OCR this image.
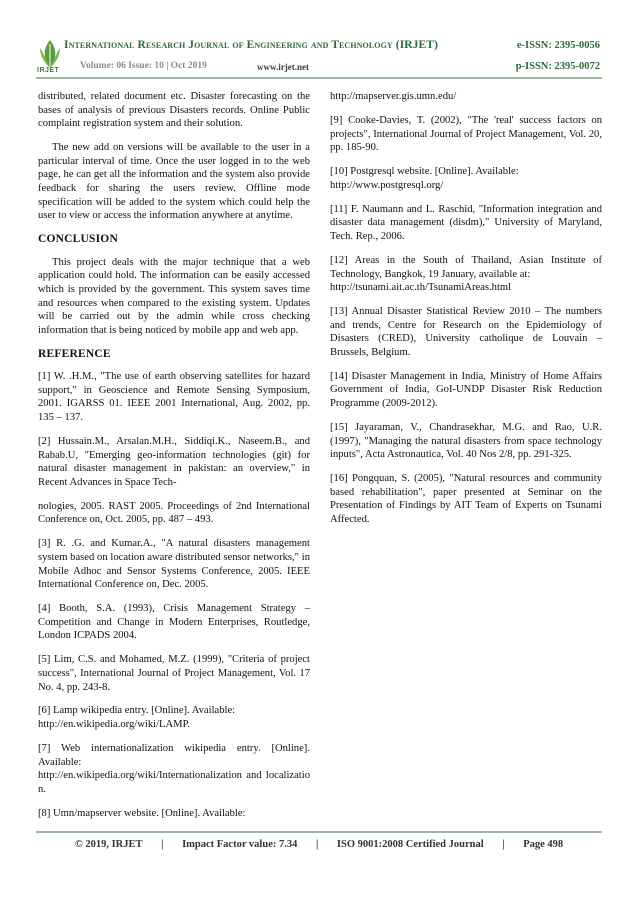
IRJET
International Research Journal of Engineering and Technology (IRJET)	e-ISSN: 2395-0056
Volume: 06 Issue: 10 | Oct 2019	www.irjet.net	p-ISSN: 2395-0072

distributed, related document etc. Disaster forecasting on the bases of analysis of previous Disasters records. Online Public complaint registration system and their solution.

The new add on versions will be available to the user in a particular interval of time. Once the user logged in to the web page, he can get all the information and the system also provide feedback for sharing the users review. Offline mode specification will be added to the system which could help the user to view or access the information anywhere at anytime.

CONCLUSION

This project deals with the major technique that a web application could hold. The information can be easily accessed which is provided by the government. This system saves time and resources when compared to the existing system. Updates will be carried out by the admin while cross checking information that is being noticed by mobile app and web app.

REFERENCE

[1] W. .H.M., "The use of earth observing satellites for hazard support," in Geoscience and Remote Sensing Symposium, 2001. IGARSS 01. IEEE 2001 International, Aug. 2002, pp. 135 – 137.

[2] Hussain.M., Arsalan.M.H., Siddiqi.K., Naseem.B., and Rabab.U, "Emerging geo-information technologies (git) for natural disaster management in pakistan: an overview," in Recent Advances in Space Tech-

nologies, 2005. RAST 2005. Proceedings of 2nd International Conference on, Oct. 2005, pp. 487 – 493.

[3] R. .G. and Kumar.A., "A natural disasters management system based on location aware distributed sensor networks," in Mobile Adhoc and Sensor Systems Conference, 2005. IEEE International Conference on, Dec. 2005.

[4] Booth, S.A. (1993), Crisis Management Strategy – Competition and Change in Modern Enterprises, Routledge, London ICPADS 2004.

[5] Lim, C.S. and Mohamed, M.Z. (1999), "Criteria of project success", International Journal of Project Management, Vol. 17 No. 4, pp. 243-8.

[6] Lamp wikipedia entry. [Online]. Available:
http://en.wikipedia.org/wiki/LAMP.

[7] Web internationalization wikipedia entry. [Online]. Available:
http://en.wikipedia.org/wiki/Internationalization and localization.

[8] Umn/mapserver website. [Online]. Available:

http://mapserver.gis.umn.edu/

[9] Cooke-Davies, T. (2002), "The 'real' success factors on projects", International Journal of Project Management, Vol. 20, pp. 185-90.

[10] Postgresql website. [Online]. Available:
http://www.postgresql.org/

[11] F. Naumann and L. Raschid, "Information integration and disaster data management (disdm)," University of Maryland, Tech. Rep., 2006.

[12] Areas in the South of Thailand, Asian Institute of Technology, Bangkok, 19 January, available at:
http://tsunami.ait.ac.th/TsunamiAreas.html

[13] Annual Disaster Statistical Review 2010 – The numbers and trends, Centre for Research on the Epidemiology of Disasters (CRED), University catholique de Louvain – Brussels, Belgium.

[14] Disaster Management in India, Ministry of Home Affairs Government of India, GoI-UNDP Disaster Risk Reduction Programme (2009-2012).

[15] Jayaraman, V., Chandrasekhar, M.G. and Rao, U.R. (1997), "Managing the natural disasters from space technology inputs", Acta Astronautica, Vol. 40 Nos 2/8, pp. 291-325.

[16] Pongquan, S. (2005), "Natural resources and community based rehabilitation", paper presented at Seminar on the Presentation of Findings by AIT Team of Experts on Tsunami Affected.

© 2019, IRJET | Impact Factor value: 7.34 | ISO 9001:2008 Certified Journal | Page 498
